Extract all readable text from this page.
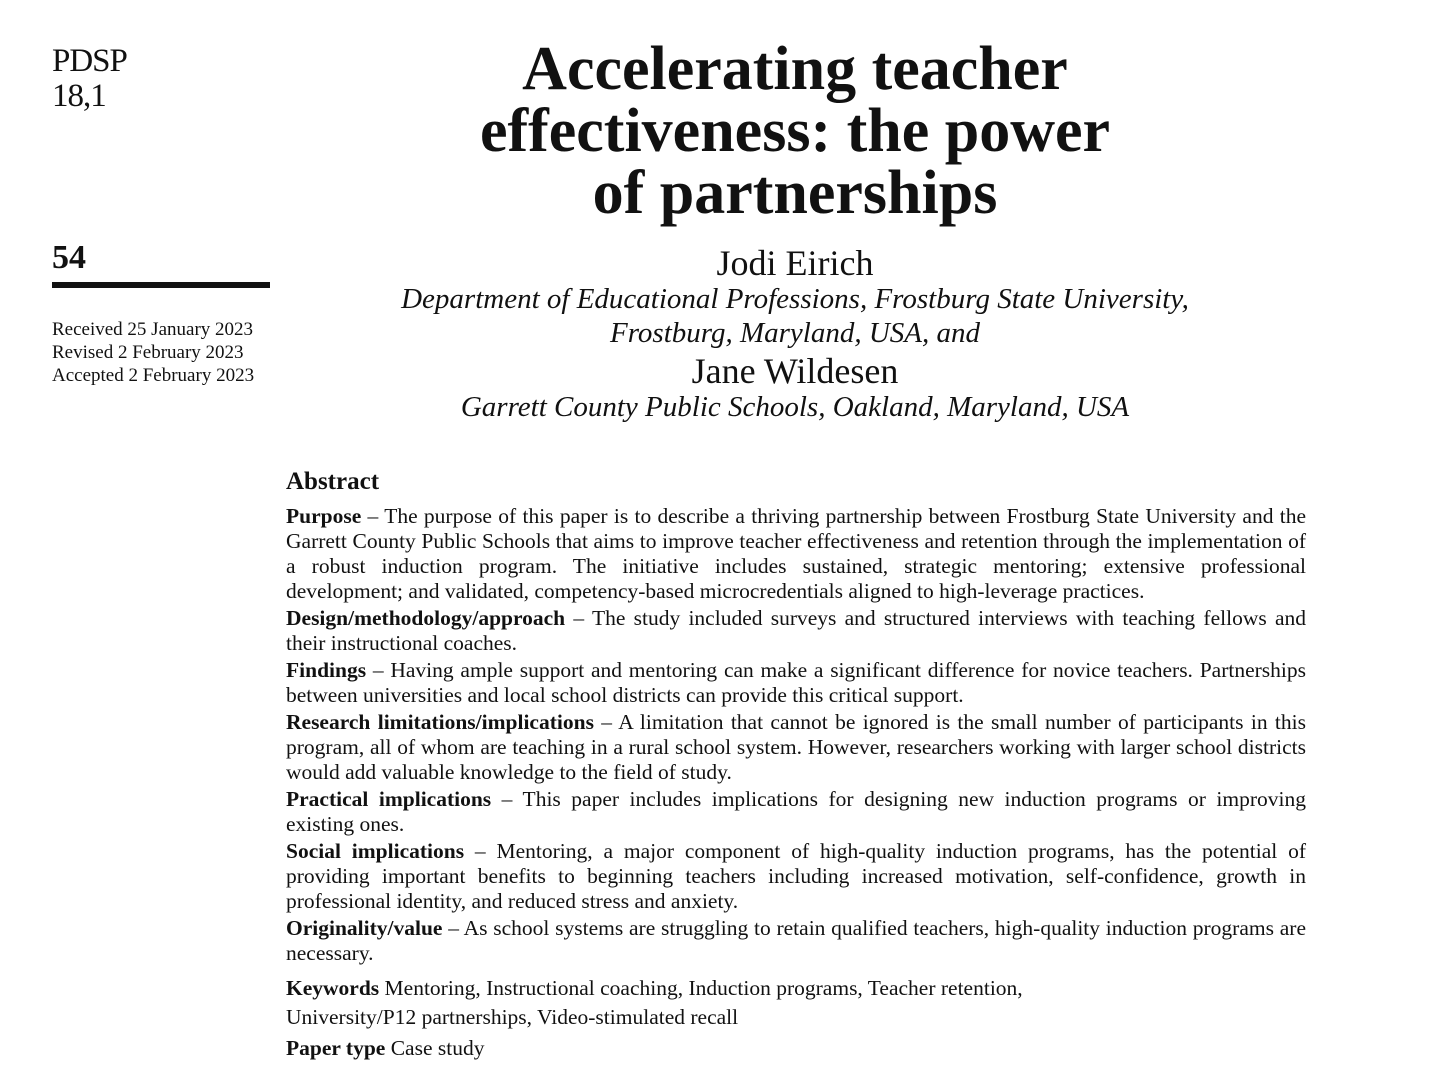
PDSP
18,1
54
Received 25 January 2023
Revised 2 February 2023
Accepted 2 February 2023
Accelerating teacher
effectiveness: the power
of partnerships
Jodi Eirich
Department of Educational Professions, Frostburg State University,
Frostburg, Maryland, USA, and
Jane Wildesen
Garrett County Public Schools, Oakland, Maryland, USA
Abstract

Purpose – The purpose of this paper is to describe a thriving partnership between Frostburg State University and the Garrett County Public Schools that aims to improve teacher effectiveness and retention through the implementation of a robust induction program. The initiative includes sustained, strategic mentoring; extensive professional development; and validated, competency-based microcredentials aligned to high-leverage practices.

Design/methodology/approach – The study included surveys and structured interviews with teaching fellows and their instructional coaches.

Findings – Having ample support and mentoring can make a significant difference for novice teachers. Partnerships between universities and local school districts can provide this critical support.

Research limitations/implications – A limitation that cannot be ignored is the small number of participants in this program, all of whom are teaching in a rural school system. However, researchers working with larger school districts would add valuable knowledge to the field of study.

Practical implications – This paper includes implications for designing new induction programs or improving existing ones.

Social implications – Mentoring, a major component of high-quality induction programs, has the potential of providing important benefits to beginning teachers including increased motivation, self-confidence, growth in professional identity, and reduced stress and anxiety.

Originality/value – As school systems are struggling to retain qualified teachers, high-quality induction programs are necessary.

Keywords Mentoring, Instructional coaching, Induction programs, Teacher retention,
University/P12 partnerships, Video-stimulated recall
Paper type Case study
